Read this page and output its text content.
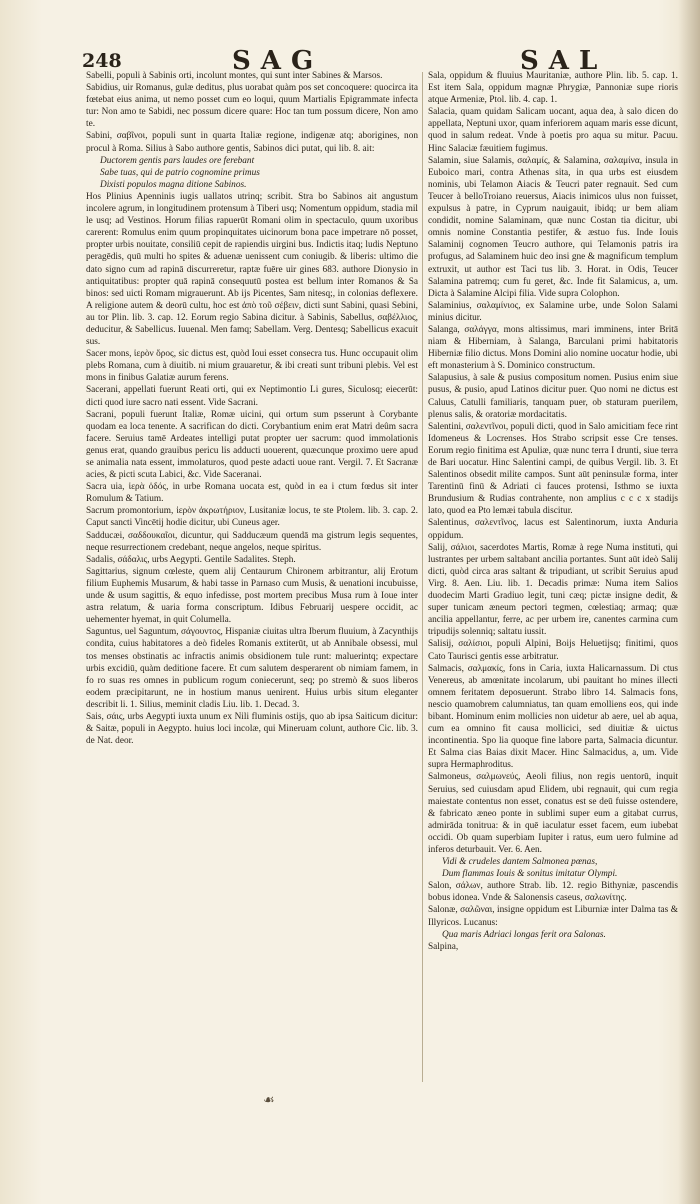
248	SAG	SAL

Sabelli, populi à Sabinis orti, incolunt montes, qui sunt inter Sabines & Marsos.

Sabidius, uir Romanus, gulæ deditus, plus uorabat quàm pos set concoquere: quocirca ita fœtebat eius anima, ut nemo posset cum eo loqui, quum Martialis Epigrammate infecta tur: Non amo te Sabidi, nec possum dicere quare: Hoc tan tum possum dicere, Non amo te.

Sabini, σαβῖνοι, populi sunt in quarta Italiæ regione, indigenæ atq; aborigines, non procul à Roma. Silius à Sabo authore gentis, Sabinos dici putat, qui lib. 8. ait:

Ductorem gentis pars laudes ore ferebant

Sabe tuas, qui de patrio cognomine primus

Dixisti populos magna ditione Sabinos.

Hos Plinius Apenninis iugis uallatos utrinq; scribit. Stra bo Sabinos ait angustum incolere agrum, in longitudinem protensum à Tiberi usq; Nomentum oppidum, stadia mil le usq; ad Vestinos. Horum filias rapuerūt Romani olim in spectaculo, quum uxoribus carerent: Romulus enim quum propinquitates uicinorum bona pace impetrare nō posset, propter urbis nouitate, consiliū cepit de rapiendis uirgini bus. Indictis itaq; ludis Neptuno peragēdis, quū multi ho spites & aduenæ uenissent cum coniugib. & liberis: ultimo die dato signo cum ad rapinā discurreretur, raptæ fuēre uir gines 683. authore Dionysio in antiquitatibus: propter quā rapinā consequutū postea est bellum inter Romanos & Sa binos: sed uicti Romam migrauerunt. Ab ijs Picentes, Sam nitesq;, in colonias deflexere. A religione autem & deorū cultu, hoc est ἀπὸ τοῦ σέβειν, dicti sunt Sabini, quasi Sebini, au tor Plin. lib. 3. cap. 12. Eorum regio Sabina dicitur. à Sabinis, Sabellus, σαβέλλιος, deducitur, & Sabellicus. Iuuenal. Men famq; Sabellam. Verg. Dentesq; Sabellicus exacuit sus.

Sacer mons, ἱερὸν ὄρος, sic dictus est, quòd Ioui esset consecra tus. Hunc occupauit olim plebs Romana, cum à diuitib. ni mium grauaretur, & ibi creati sunt tribuni plebis. Vel est mons in finibus Galatiæ aurum ferens.

Sacerani, appellati fuerunt Reati orti, qui ex Neptimontio Li gures, Siculosq; eiecerūt: dicti quod iure sacro nati essent. Vide Sacrani.

Sacrani, populi fuerunt Italiæ, Romæ uicini, qui ortum sum psserunt à Corybante quodam ea loca tenente. A sacrifican do dicti. Corybantium enim erat Matri deûm sacra facere. Seruius tamē Ardeates intelligi putat propter uer sacrum: quod immolationis genus erat, quando grauibus pericu lis adducti uouerent, quæcunque proximo uere apud se animalia nata essent, immolaturos, quod peste adacti uoue rant. Vergil. 7. Et Sacranæ acies, & picti scuta Labici, &c. Vide Saceranai.

Sacra uia, ἱερὰ ὁδός, in urbe Romana uocata est, quòd in ea i ctum fœdus sit inter Romulum & Tatium.

Sacrum promontorium, ἱερὸν ἀκρωτήριον, Lusitaniæ locus, te ste Ptolem. lib. 3. cap. 2. Caput sancti Vincētij hodie dicitur, ubi Cuneus ager.

Sadducæi, σαδδουκαῖοι, dicuntur, qui Sadducæum quendā ma gistrum legis sequentes, neque resurrectionem credebant, neque angelos, neque spiritus.

Sadalis, σάδαλις, urbs Aegypti. Gentile Sadalites. Steph.

Sagittarius, signum cœleste, quem alij Centaurum Chironem arbitrantur, alij Erotum filium Euphemis Musarum, & habi tasse in Parnaso cum Musis, & uenationi incubuisse, unde & usum sagittis, & equo infedisse, post mortem precibus Musa rum à Ioue inter astra relatum, & uaria forma conscriptum. Idibus Februarij uespere occidit, ac uehementer hyemat, in quit Columella.

Saguntus, uel Saguntum, σάγουντος, Hispaniæ ciuitas ultra Iberum fluuium, à Zacynthijs condita, cuius habitatores a deò fideles Romanis extiterūt, ut ab Annibale obsessi, mul tos menses obstinatis ac infractis animis obsidionem tule runt: maluerintq; expectare urbis excidiū, quàm deditione facere. Et cum salutem desperarent ob nimiam famem, in fo ro suas res omnes in publicum rogum coniecerunt, seq; po stremò & suos liberos eodem præcipitarunt, ne in hostium manus uenirent. Huius urbis situm eleganter describit li. 1. Silius, meminit cladis Liu. lib. 1. Decad. 3.

Sais, σάις, urbs Aegypti iuxta unum ex Nili fluminis ostijs, quo ab ipsa Saiticum dicitur: & Saitæ, populi in Aegypto. huius loci incolæ, qui Mineruam colunt, authore Cic. lib. 3. de Nat. deor.

Sala, oppidum & fluuius Mauritaniæ, authore Plin. lib. 5. cap. 1. Est item Sala, oppidum magnæ Phrygiæ, Pannoniæ supe rioris atque Armeniæ, Ptol. lib. 4. cap. 1.

Salacia, quam quidam Salicam uocant, aqua dea, à salo dicen do appellata, Neptuni uxor, quam inferiorem aquam maris esse dicunt, quod in salum redeat. Vnde à poetis pro aqua su mitur. Pacuu. Hinc Salaciæ fæuitiem fugimus.

Salamin, siue Salamis, σαλαμίς, & Salamina, σαλαμίνα, insula in Euboico mari, contra Athenas sita, in qua urbs est eiusdem nominis, ubi Telamon Aiacis & Teucri pater regnauit. Sed cum Teucer à belloTroiano reuersus, Aiacis inimicos ulus non fuisset, expulsus à patre, in Cyprum nauigauit, ibidq; ur bem aliam condidit, nomine Salaminam, quæ nunc Costan tia dicitur, ubi omnis nomine Constantia pestifer, & æstuo fus. Inde Iouis Salaminij cognomen Teucro authore, qui Telamonis patris ira profugus, ad Salaminem huic deo insi gne & magnificum templum extruxit, ut author est Taci tus lib. 3. Horat. in Odis, Teucer Salamina patremq; cum fu geret, &c. Inde fit Salamicus, a, um. Dicta à Salamine Alcipi filia. Vide supra Colophon.

Salaminius, σαλαμίνιος, ex Salamine urbe, unde Solon Salami minius dicitur.

Salanga, σαλάγγα, mons altissimus, mari imminens, inter Britā niam & Hiberniam, à Salanga, Barculani primi habitatoris Hiberniæ filio dictus. Mons Domini alio nomine uocatur hodie, ubi eft monasterium à S. Dominico constructum.

Salapusius, à sale & pusius compositum nomen. Pusius enim siue pusus, & pusio, apud Latinos dicitur puer. Quo nomi ne dictus est Caluus, Catulli familiaris, tanquam puer, ob staturam puerilem, plenus salis, & oratoriæ mordacitatis.

Salentini, σαλεντῖνοι, populi dicti, quod in Salo amicitiam fece rint Idomeneus & Locrenses. Hos Strabo scripsit esse Cre tenses. Eorum regio finitima est Apuliæ, quæ nunc terra I drunti, siue terra de Bari uocatur. Hinc Salentini campi, de quibus Vergil. lib. 3. Et Salentinos obsedit milite campos. Sunt aūt peninsulæ forma, inter Tarentinū finū & Adriati ci fauces protensi, Isthmo se iuxta Brundusium & Rudias contrahente, non amplius c c c x stadijs lato, quod ea Pto lemæi tabula discitur.

Salentinus, σαλεντῖνος, lacus est Salentinorum, iuxta Anduria oppidum.

Salij, σάλιοι, sacerdotes Martis, Romæ à rege Numa instituti, qui lustrantes per urbem saltabant ancilia portantes. Sunt aūt ideò Salij dicti, quòd circa aras saltant & tripudiant, ut scribit Seruius apud Virg. 8. Aen. Liu. lib. 1. Decadis primæ: Numa item Salios duodecim Marti Gradiuo legit, tuni cæq; pictæ insigne dedit, & super tunicam æneum pectori tegmen, cœlestiaq; armaq; quæ ancilia appellantur, ferre, ac per urbem ire, canentes carmina cum tripudijs solenniq; saltatu iussit.

Salisij, σαλίσιοι, populi Alpini, Boijs Heluetijsq; finitimi, quos Cato Taurisci gentis esse arbitratur.

Salmacis, σαλμακίς, fons in Caria, iuxta Halicarnassum. Di ctus Venereus, ab amœnitate incolarum, ubi pauitant ho mines illecti omnem feritatem deposuerunt. Strabo libro 14. Salmacis fons, nescio quamobrem calumniatus, tan quam emolliens eos, qui inde bibant. Hominum enim mollicies non uidetur ab aere, uel ab aqua, cum ea omnino fit causa mollicici, sed diuitiæ & uictus incontinentia. Spo lia quoque fine labore parta, Salmacia dicuntur. Et Salma cias Baias dixit Macer. Hinc Salmacidus, a, um. Vide supra Hermaphroditus.

Salmoneus, σαλμωνεύς, Aeoli filius, non regis uentorū, inquit Seruius, sed cuiusdam apud Elidem, ubi regnauit, qui cum regia maiestate contentus non esset, conatus est se deū fuisse ostendere, & fabricato æneo ponte in sublimi super eum a gitabat currus, admirāda tonitrua: & in quē iaculatur esset facem, eum iubebat occidi. Ob quam superbiam Iupiter i ratus, eum uero fulmine ad inferos deturbauit. Ver. 6. Aen.

Vidi & crudeles dantem Salmonea pœnas,

Dum flammas Iouis & sonitus imitatur Olympi.

Salon, σάλων, authore Strab. lib. 12. regio Bithyniæ, pascendis bobus idonea. Vnde & Salonensis caseus, σαλωνίτης.

Salonæ, σαλῶναι, insigne oppidum est Liburniæ inter Dalma tas & Illyricos. Lucanus:

Qua maris Adriaci longas ferit ora Salonas.

Salpina,

☙
